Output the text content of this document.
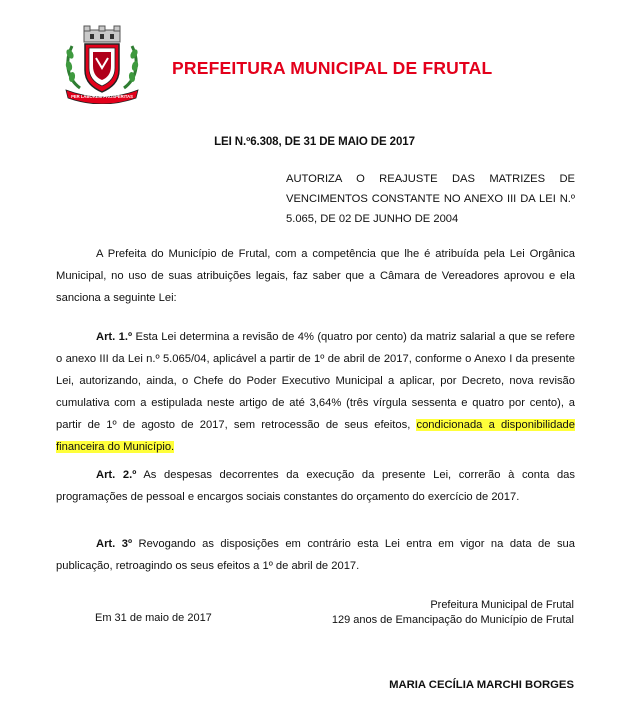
PER LABOREM PROSPERITAS
PREFEITURA MUNICIPAL DE FRUTAL
LEI N.º6.308, DE 31 DE MAIO DE 2017
AUTORIZA O REAJUSTE DAS MATRIZES DE VENCIMENTOS CONSTANTE NO ANEXO III DA LEI N.º 5.065, DE 02 DE JUNHO DE 2004
A Prefeita do Município de Frutal, com a competência que lhe é atribuída pela Lei Orgânica Municipal, no uso de suas atribuições legais, faz saber que a Câmara de Vereadores aprovou e ela sanciona a seguinte Lei:
Art. 1.º Esta Lei determina a revisão de 4% (quatro por cento) da matriz salarial a que se refere o anexo III da Lei n.º 5.065/04, aplicável a partir de 1º de abril de 2017, conforme o Anexo I da presente Lei, autorizando, ainda, o Chefe do Poder Executivo Municipal a aplicar, por Decreto, nova revisão cumulativa com a estipulada neste artigo de até 3,64% (três vírgula sessenta e quatro por cento), a partir de 1º de agosto de 2017, sem retrocessão de seus efeitos, condicionada a disponibilidade financeira do Município.
Art. 2.º As despesas decorrentes da execução da presente Lei, correrão à conta das programações de pessoal e encargos sociais constantes do orçamento do exercício de 2017.
Art. 3º Revogando as disposições em contrário esta Lei entra em vigor na data de sua publicação, retroagindo os seus efeitos a 1º de abril de 2017.
Prefeitura Municipal de Frutal
129 anos de Emancipação do Município de Frutal
Em 31 de maio de 2017
MARIA CECÍLIA MARCHI BORGES
